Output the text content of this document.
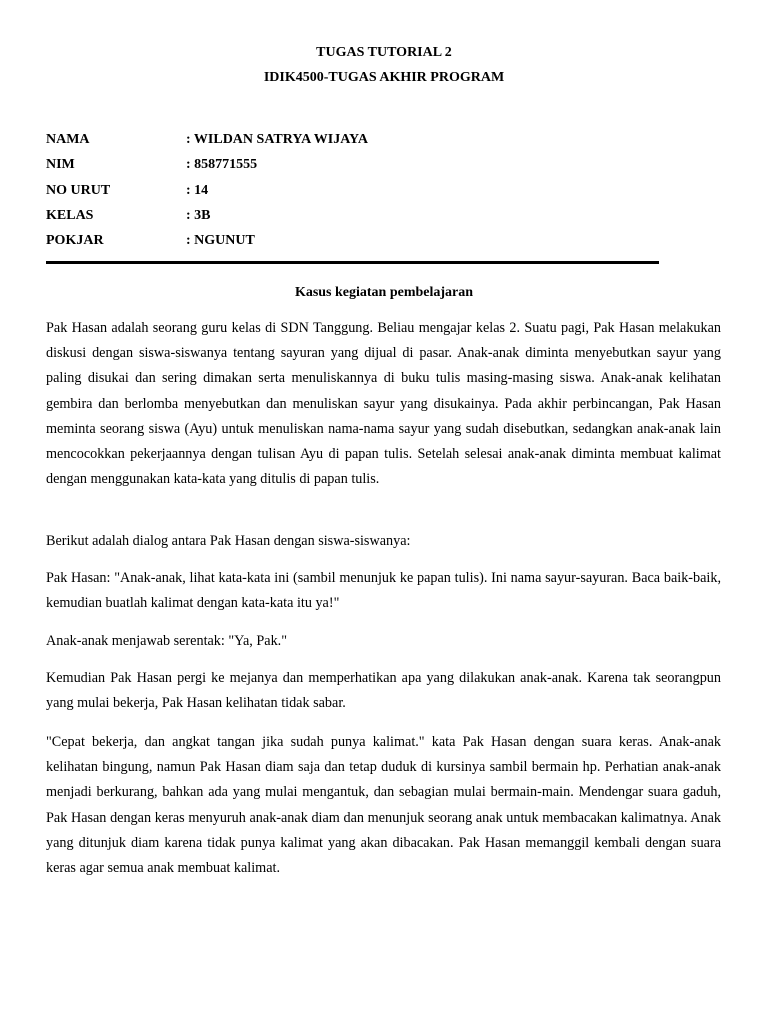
TUGAS TUTORIAL 2
IDIK4500-TUGAS AKHIR PROGRAM
NAMA	: WILDAN SATRYA WIJAYA
NIM	: 858771555
NO URUT	: 14
KELAS	: 3B
POKJAR	: NGUNUT
Kasus kegiatan pembelajaran

Pak Hasan adalah seorang guru kelas di SDN Tanggung. Beliau mengajar kelas 2. Suatu pagi, Pak Hasan melakukan diskusi dengan siswa-siswanya tentang sayuran yang dijual di pasar. Anak-anak diminta menyebutkan sayur yang paling disukai dan sering dimakan serta menuliskannya di buku tulis masing-masing siswa. Anak-anak kelihatan gembira dan berlomba menyebutkan dan menuliskan sayur yang disukainya. Pada akhir perbincangan, Pak Hasan meminta seorang siswa (Ayu) untuk menuliskan nama-nama sayur yang sudah disebutkan, sedangkan anak-anak lain mencocokkan pekerjaannya dengan tulisan Ayu di papan tulis. Setelah selesai anak-anak diminta membuat kalimat dengan menggunakan kata-kata yang ditulis di papan tulis.

Berikut adalah dialog antara Pak Hasan dengan siswa-siswanya:

Pak Hasan: "Anak-anak, lihat kata-kata ini (sambil menunjuk ke papan tulis). Ini nama sayur-sayuran. Baca baik-baik, kemudian buatlah kalimat dengan kata-kata itu ya!"

Anak-anak menjawab serentak: "Ya, Pak."

Kemudian Pak Hasan pergi ke mejanya dan memperhatikan apa yang dilakukan anak-anak. Karena tak seorangpun yang mulai bekerja, Pak Hasan kelihatan tidak sabar.

"Cepat bekerja, dan angkat tangan jika sudah punya kalimat." kata Pak Hasan dengan suara keras. Anak-anak kelihatan bingung, namun Pak Hasan diam saja dan tetap duduk di kursinya sambil bermain hp. Perhatian anak-anak menjadi berkurang, bahkan ada yang mulai mengantuk, dan sebagian mulai bermain-main. Mendengar suara gaduh, Pak Hasan dengan keras menyuruh anak-anak diam dan menunjuk seorang anak untuk membacakan kalimatnya. Anak yang ditunjuk diam karena tidak punya kalimat yang akan dibacakan. Pak Hasan memanggil kembali dengan suara keras agar semua anak membuat kalimat.
